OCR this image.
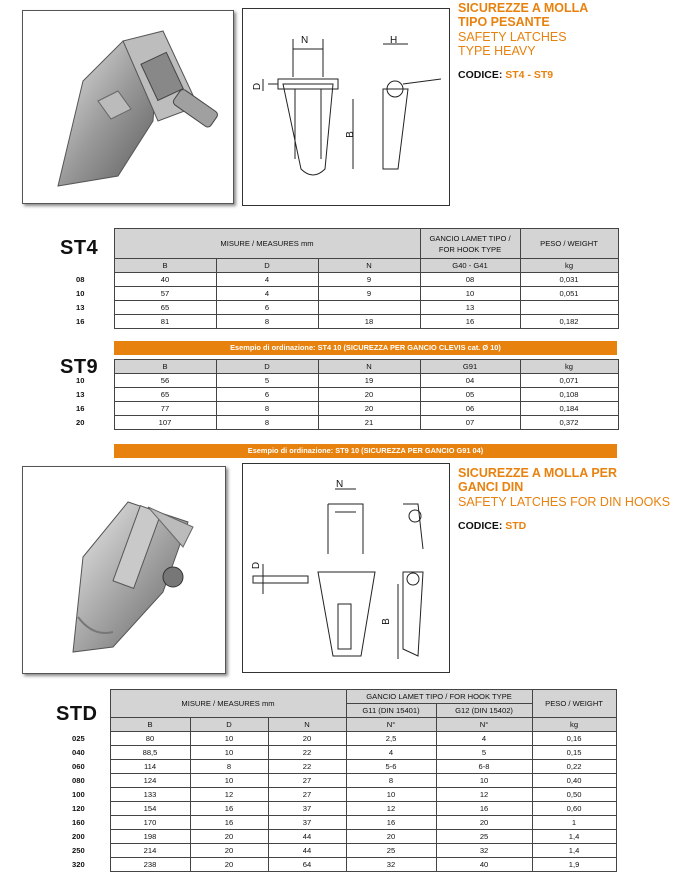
N	H
D
B
SICUREZZE A MOLLA
TIPO PESANTE
SAFETY LATCHES
TYPE HEAVY
CODICE: ST4 - ST9
ST4
		MISURE / MEASURES mm			GANCIO LAMET TIPO / FOR HOOK TYPE	PESO / WEIGHT
	B	D	N	G40 - G41	kg
08	40	4	9	08	0,031
10	57	4	9	10	0,051
13	65	6		13	
16	81	8	18	16	0,182
Esempio di ordinazione: ST4 10 (SICUREZZA PER GANCIO CLEVIS cat. Ø 10)
ST9
		B	D	N	G91	kg
10	56	5	19	04	0,071
13	65	6	20	05	0,108
16	77	8	20	06	0,184
20	107	8	21	07	0,372
Esempio di ordinazione: ST9 10 (SICUREZZA PER GANCIO G91 04)
N
D
B
SICUREZZE A MOLLA PER
GANCI DIN
SAFETY LATCHES FOR DIN HOOKS
CODICE: STD
STD
		MISURE / MEASURES mm			GANCIO LAMET TIPO / FOR HOOK TYPE		PESO / WEIGHT
				G11 (DIN 15401)	G12 (DIN 15402)	
	B	D	N	N°	N°	kg
025	80	10	20	2,5	4	0,16
040	88,5	10	22	4	5	0,15
060	114	8	22	5-6	6-8	0,22
080	124	10	27	8	10	0,40
100	133	12	27	10	12	0,50
120	154	16	37	12	16	0,60
160	170	16	37	16	20	1
200	198	20	44	20	25	1,4
250	214	20	44	25	32	1,4
320	238	20	64	32	40	1,9
